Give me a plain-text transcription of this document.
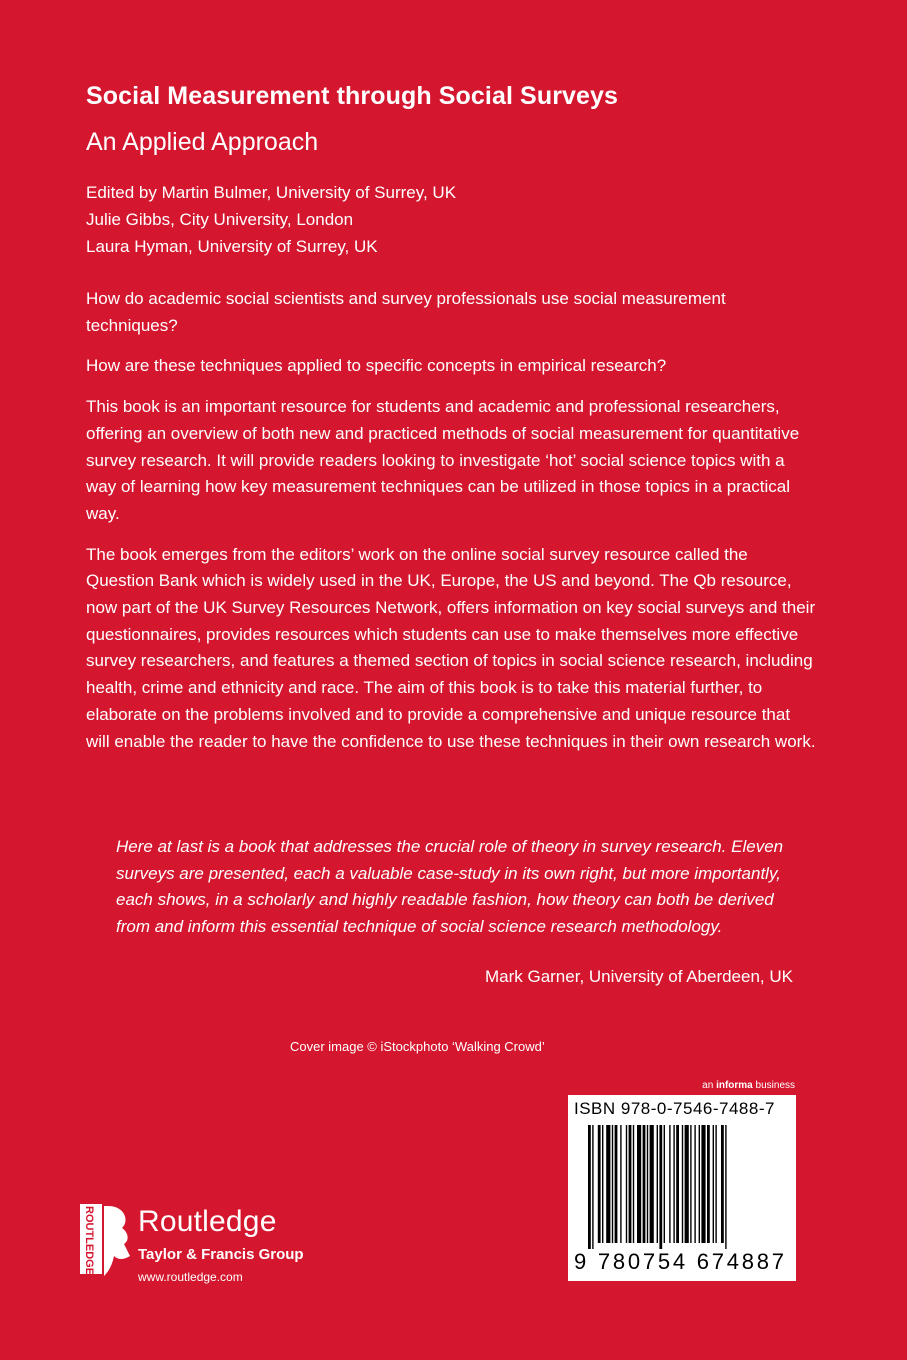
Social Measurement through Social Surveys
An Applied Approach
Edited by Martin Bulmer, University of Surrey, UK
Julie Gibbs, City University, London
Laura Hyman, University of Surrey, UK

How do academic social scientists and survey professionals use social measurement techniques?

How are these techniques applied to specific concepts in empirical research?

This book is an important resource for students and academic and professional researchers, offering an overview of both new and practiced methods of social measurement for quantitative survey research. It will provide readers looking to investigate ‘hot’ social science topics with a way of learning how key measurement techniques can be utilized in those topics in a practical way.

The book emerges from the editors’ work on the online social survey resource called the Question Bank which is widely used in the UK, Europe, the US and beyond. The Qb resource, now part of the UK Survey Resources Network, offers information on key social surveys and their questionnaires, provides resources which students can use to make themselves more effective survey researchers, and features a themed section of topics in social science research, including health, crime and ethnicity and race. The aim of this book is to take this material further, to elaborate on the problems involved and to provide a comprehensive and unique resource that will enable the reader to have the confidence to use these techniques in their own research work.

Here at last is a book that addresses the crucial role of theory in survey research. Eleven surveys are presented, each a valuable case-study in its own right, but more importantly, each shows, in a scholarly and highly readable fashion, how theory can both be derived from and inform this essential technique of social science research methodology.
Mark Garner, University of Aberdeen, UK
Cover image © iStockphoto ‘Walking Crowd’
an informa business
ISBN 978-0-7546-7488-7
9 780754 674887
ROUTLEDGE Routledge
Taylor & Francis Group
www.routledge.com
